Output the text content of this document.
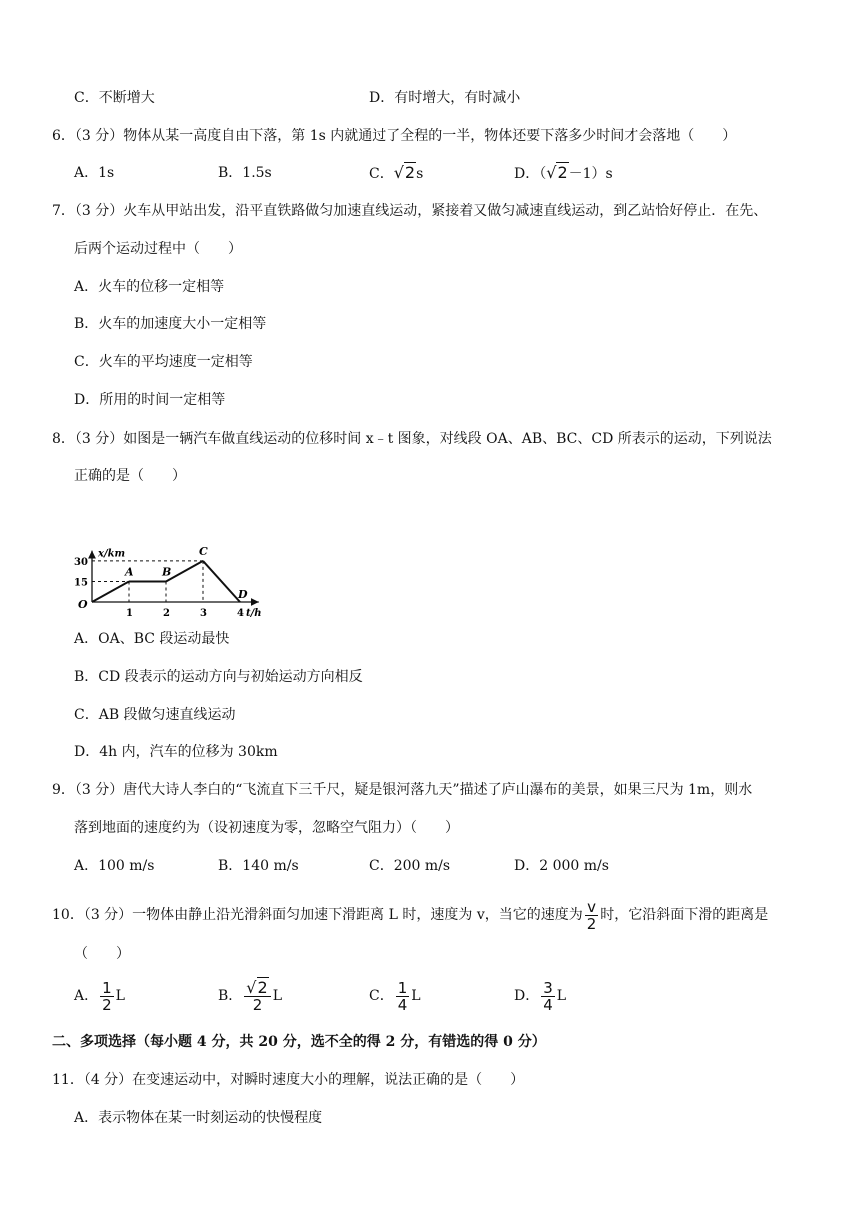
C．不断增大	D．有时增大，有时减小
6．（3 分）物体从某一高度自由下落，第 1s 内就通过了全程的一半，物体还要下落多少时间才会落地（　　）
A．1s	B．1.5s	C．√2s	D．（√2－1）s
7．（3 分）火车从甲站出发，沿平直铁路做匀加速直线运动，紧接着又做匀减速直线运动，到乙站恰好停止．在先、
后两个运动过程中（　　）
A．火车的位移一定相等
B．火车的加速度大小一定相等
C．火车的平均速度一定相等
D．所用的时间一定相等
8．（3 分）如图是一辆汽车做直线运动的位移时间 x﹣t 图象，对线段 OA、AB、BC、CD 所表示的运动，下列说法
正确的是（　　）
A	B
C
D
O
1	2	3	4
15
30
t/h
x/km
A．OA、BC 段运动最快
B．CD 段表示的运动方向与初始运动方向相反
C．AB 段做匀速直线运动
D．4h 内，汽车的位移为 30km
9．（3 分）唐代大诗人李白的“飞流直下三千尺，疑是银河落九天”描述了庐山瀑布的美景，如果三尺为 1m，则水
落到地面的速度约为（设初速度为零，忽略空气阻力）（　　）
A．100 m/s	B．140 m/s	C．200 m/s	D．2 000 m/s
10．（3 分）一物体由静止沿光滑斜面匀加速下滑距离 L 时，速度为 v，当它的速度为 $\frac{v}{2}$ 时，它沿斜面下滑的距离是
（　　）
A． $\frac{1}{2}$ L	B． $\frac{√2}{2}$ L	C． $\frac{1}{4}$ L	D． $\frac{3}{4}$ L
二、多项选择（每小题 4 分，共 20 分，选不全的得 2 分，有错选的得 0 分）
11．（4 分）在变速运动中，对瞬时速度大小的理解，说法正确的是（　　）
A．表示物体在某一时刻运动的快慢程度
